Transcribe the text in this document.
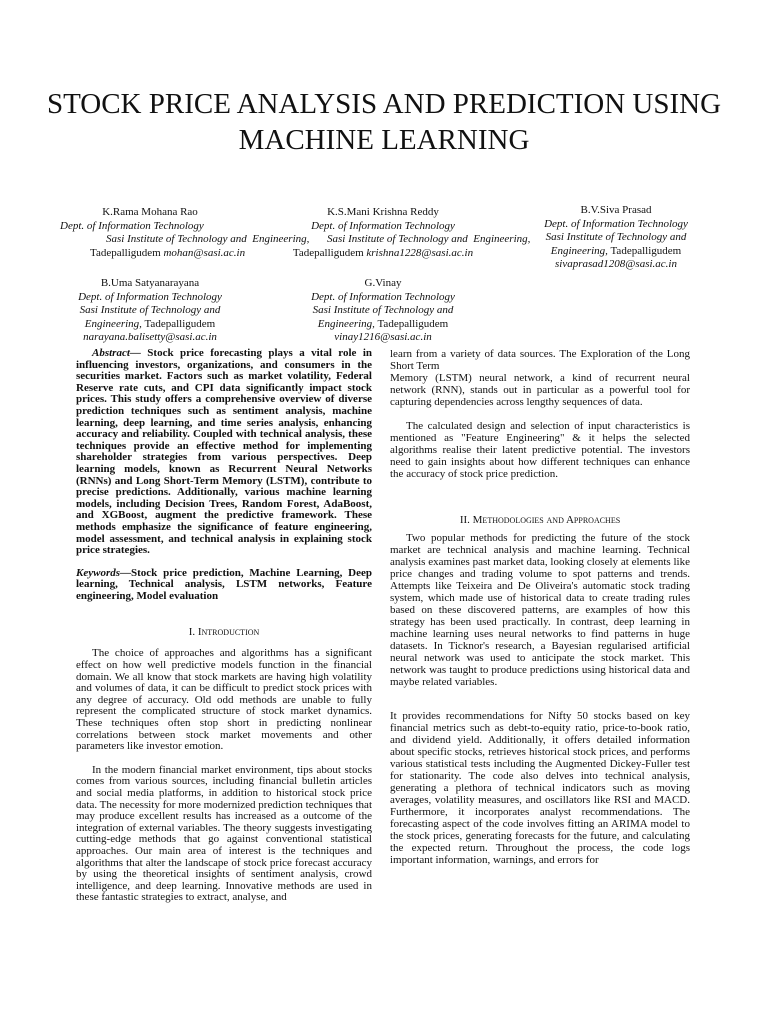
STOCK PRICE ANALYSIS AND PREDICTION USING MACHINE LEARNING
K.Rama Mohana Rao
Dept. of Information Technology
Sasi Institute of Technology and Engineering,
Tadepalligudem mohan@sasi.ac.in
K.S.Mani Krishna Reddy
Dept. of Information Technology
Sasi Institute of Technology and Engineering,
Tadepalligudem krishna1228@sasi.ac.in
B.V.Siva Prasad
Dept. of Information Technology
Sasi Institute of Technology and
Engineering, Tadepalligudem
sivaprasad1208@sasi.ac.in
B.Uma Satyanarayana
Dept. of Information Technology
Sasi Institute of Technology and
Engineering, Tadepalligudem
narayana.balisetty@sasi.ac.in
G.Vinay
Dept. of Information Technology
Sasi Institute of Technology and
Engineering, Tadepalligudem
vinay1216@sasi.ac.in

Abstract— Stock price forecasting plays a vital role in influencing investors, organizations, and consumers in the securities market. Factors such as market volatility, Federal Reserve rate cuts, and CPI data significantly impact stock prices. This study offers a comprehensive overview of diverse prediction techniques such as sentiment analysis, machine learning, deep learning, and time series analysis, enhancing accuracy and reliability. Coupled with technical analysis, these techniques provide an effective method for implementing shareholder strategies from various perspectives. Deep learning models, known as Recurrent Neural Networks (RNNs) and Long Short-Term Memory (LSTM), contribute to precise predictions. Additionally, various machine learning models, including Decision Trees, Random Forest, AdaBoost, and XGBoost, augment the predictive framework. These methods emphasize the significance of feature engineering, model assessment, and technical analysis in explaining stock price strategies.

Keywords—Stock price prediction, Machine Learning, Deep learning, Technical analysis, LSTM networks, Feature engineering, Model evaluation

I. Introduction

The choice of approaches and algorithms has a significant effect on how well predictive models function in the financial domain. We all know that stock markets are having high volatility and volumes of data, it can be difficult to predict stock prices with any degree of accuracy. Old odd methods are unable to fully represent the complicated structure of stock market dynamics. These techniques often stop short in predicting nonlinear correlations between stock market movements and other parameters like investor emotion.

In the modern financial market environment, tips about stocks comes from various sources, including financial bulletin articles and social media platforms, in addition to historical stock price data. The necessity for more modernized prediction techniques that may produce excellent results has increased as a outcome of the integration of external variables. The theory suggests investigating cutting-edge methods that go against conventional statistical approaches. Our main area of interest is the techniques and algorithms that alter the landscape of stock price forecast accuracy by using the theoretical insights of sentiment analysis, crowd intelligence, and deep learning. Innovative methods are used in these fantastic strategies to extract, analyse, and

learn from a variety of data sources. The Exploration of the Long Short Term

Memory (LSTM) neural network, a kind of recurrent neural network (RNN), stands out in particular as a powerful tool for capturing dependencies across lengthy sequences of data.

The calculated design and selection of input characteristics is mentioned as "Feature Engineering" & it helps the selected algorithms realise their latent predictive potential. The investors need to gain insights about how different techniques can enhance the accuracy of stock price prediction.

II. Methodologies and Approaches

Two popular methods for predicting the future of the stock market are technical analysis and machine learning. Technical analysis examines past market data, looking closely at elements like price changes and trading volume to spot patterns and trends. Attempts like Teixeira and De Oliveira's automatic stock trading system, which made use of historical data to create trading rules based on these discovered patterns, are examples of how this strategy has been used practically. In contrast, deep learning in machine learning uses neural networks to find patterns in huge datasets. In Ticknor's research, a Bayesian regularised artificial neural network was used to anticipate the stock market. This network was taught to produce predictions using historical data and maybe related variables.

It provides recommendations for Nifty 50 stocks based on key financial metrics such as debt-to-equity ratio, price-to-book ratio, and dividend yield. Additionally, it offers detailed information about specific stocks, retrieves historical stock prices, and performs various statistical tests including the Augmented Dickey-Fuller test for stationarity. The code also delves into technical analysis, generating a plethora of technical indicators such as moving averages, volatility measures, and oscillators like RSI and MACD. Furthermore, it incorporates analyst recommendations. The forecasting aspect of the code involves fitting an ARIMA model to the stock prices, generating forecasts for the future, and calculating the expected return. Throughout the process, the code logs important information, warnings, and errors for
